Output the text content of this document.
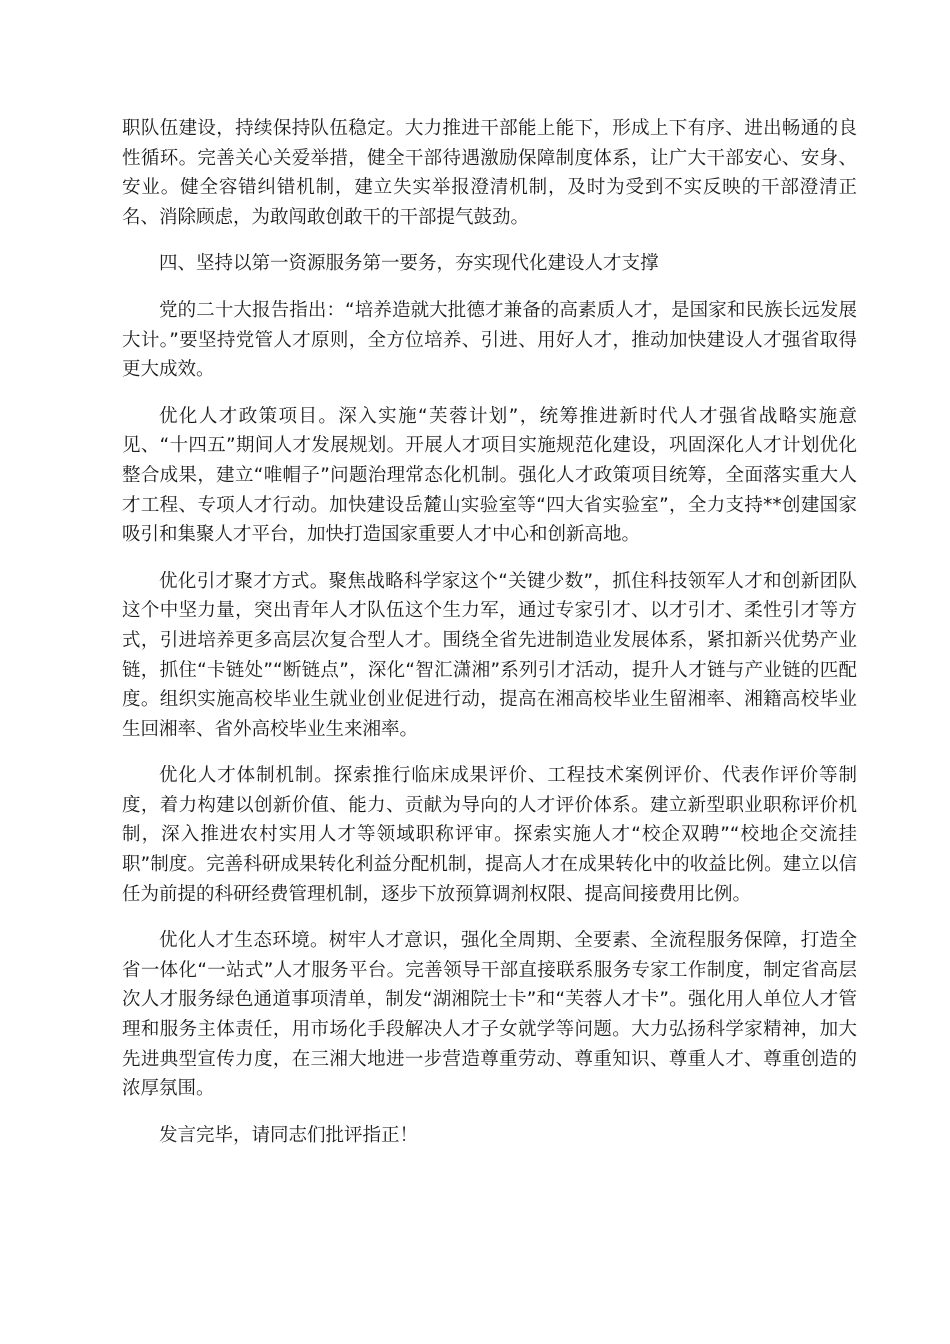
职队伍建设，持续保持队伍稳定。大力推进干部能上能下，形成上下有序、进出畅通的良性循环。完善关心关爱举措，健全干部待遇激励保障制度体系，让广大干部安心、安身、安业。健全容错纠错机制，建立失实举报澄清机制，及时为受到不实反映的干部澄清正名、消除顾虑，为敢闯敢创敢干的干部提气鼓劲。

四、坚持以第一资源服务第一要务，夯实现代化建设人才支撑

党的二十大报告指出：“培养造就大批德才兼备的高素质人才，是国家和民族长远发展大计。”要坚持党管人才原则，全方位培养、引进、用好人才，推动加快建设人才强省取得更大成效。

优化人才政策项目。深入实施“芙蓉计划”，统筹推进新时代人才强省战略实施意见、“十四五”期间人才发展规划。开展人才项目实施规范化建设，巩固深化人才计划优化整合成果，建立“唯帽子”问题治理常态化机制。强化人才政策项目统筹，全面落实重大人才工程、专项人才行动。加快建设岳麓山实验室等“四大省实验室”，全力支持**创建国家吸引和集聚人才平台，加快打造国家重要人才中心和创新高地。

优化引才聚才方式。聚焦战略科学家这个“关键少数”，抓住科技领军人才和创新团队这个中坚力量，突出青年人才队伍这个生力军，通过专家引才、以才引才、柔性引才等方式，引进培养更多高层次复合型人才。围绕全省先进制造业发展体系，紧扣新兴优势产业链，抓住“卡链处”“断链点”，深化“智汇潇湘”系列引才活动，提升人才链与产业链的匹配度。组织实施高校毕业生就业创业促进行动，提高在湘高校毕业生留湘率、湘籍高校毕业生回湘率、省外高校毕业生来湘率。

优化人才体制机制。探索推行临床成果评价、工程技术案例评价、代表作评价等制度，着力构建以创新价值、能力、贡献为导向的人才评价体系。建立新型职业职称评价机制，深入推进农村实用人才等领域职称评审。探索实施人才“校企双聘”“校地企交流挂职”制度。完善科研成果转化利益分配机制，提高人才在成果转化中的收益比例。建立以信任为前提的科研经费管理机制，逐步下放预算调剂权限、提高间接费用比例。

优化人才生态环境。树牢人才意识，强化全周期、全要素、全流程服务保障，打造全省一体化“一站式”人才服务平台。完善领导干部直接联系服务专家工作制度，制定省高层次人才服务绿色通道事项清单，制发“湖湘院士卡”和“芙蓉人才卡”。强化用人单位人才管理和服务主体责任，用市场化手段解决人才子女就学等问题。大力弘扬科学家精神，加大先进典型宣传力度，在三湘大地进一步营造尊重劳动、尊重知识、尊重人才、尊重创造的浓厚氛围。

发言完毕，请同志们批评指正！
